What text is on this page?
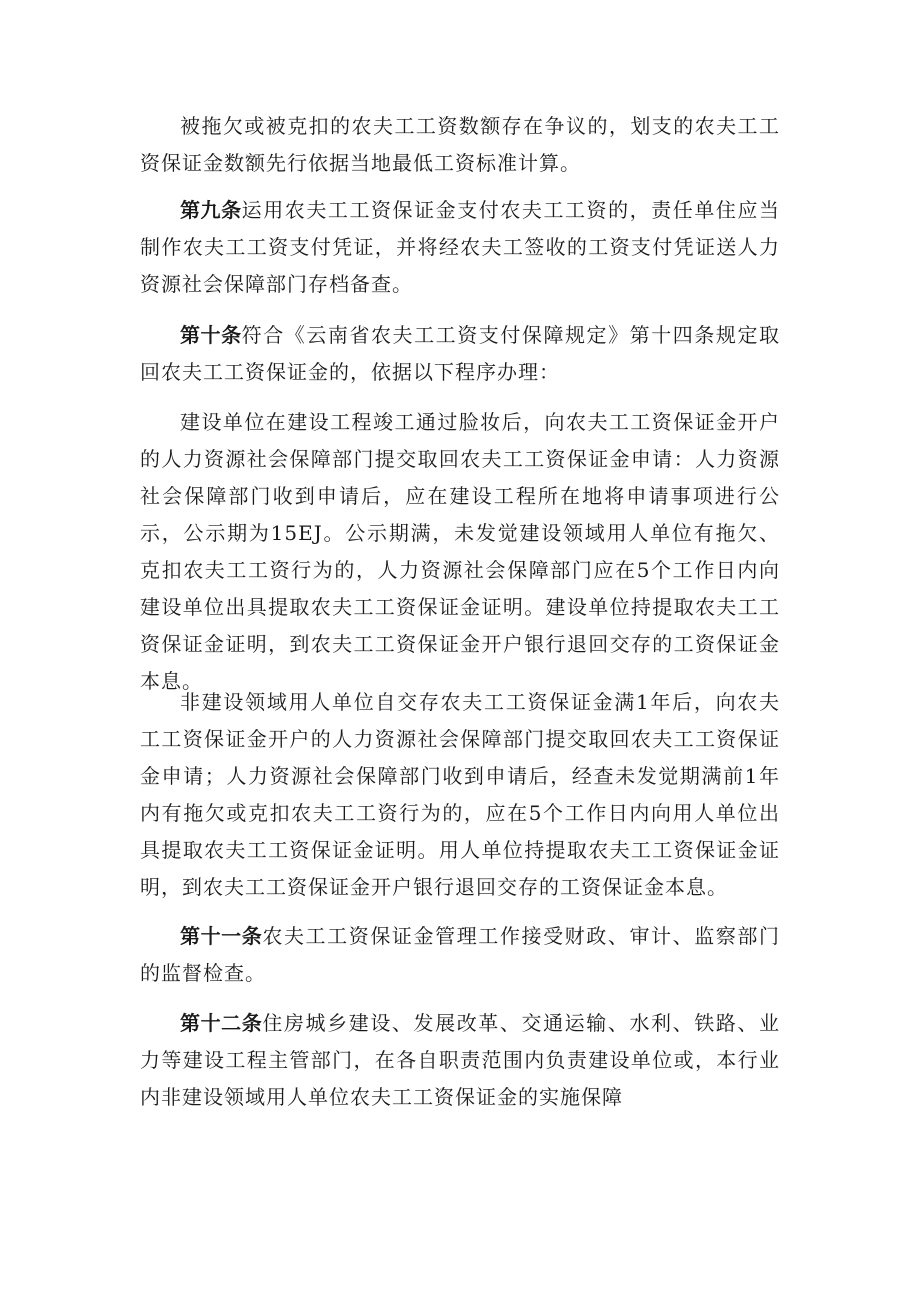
被拖欠或被克扣的农夫工工资数额存在争议的，划支的农夫工工资保证金数额先行依据当地最低工资标准计算。

第九条运用农夫工工资保证金支付农夫工工资的，责任单住应当制作农夫工工资支付凭证，并将经农夫工签收的工资支付凭证送人力资源社会保障部门存档备查。

第十条符合《云南省农夫工工资支付保障规定》第十四条规定取回农夫工工资保证金的，依据以下程序办理：

建设单位在建设工程竣工通过脸妆后，向农夫工工资保证金开户的人力资源社会保障部门提交取回农夫工工资保证金申请：人力资源社会保障部门收到申请后，应在建设工程所在地将申请事项进行公示，公示期为15EJ。公示期满，未发觉建设领域用人单位有拖欠、克扣农夫工工资行为的，人力资源社会保障部门应在5个工作日内向建设单位出具提取农夫工工资保证金证明。建设单位持提取农夫工工资保证金证明，到农夫工工资保证金开户银行退回交存的工资保证金本息。

非建设领域用人单位自交存农夫工工资保证金满1年后，向农夫工工资保证金开户的人力资源社会保障部门提交取回农夫工工资保证金申请；人力资源社会保障部门收到申请后，经查未发觉期满前1年内有拖欠或克扣农夫工工资行为的，应在5个工作日内向用人单位出具提取农夫工工资保证金证明。用人单位持提取农夫工工资保证金证明，到农夫工工资保证金开户银行退回交存的工资保证金本息。

第十一条农夫工工资保证金管理工作接受财政、审计、监察部门的监督检查。

第十二条住房城乡建设、发展改革、交通运输、水利、铁路、业力等建设工程主管部门，在各自职责范围内负责建设单位或，本行业内非建设领域用人单位农夫工工资保证金的实施保障
